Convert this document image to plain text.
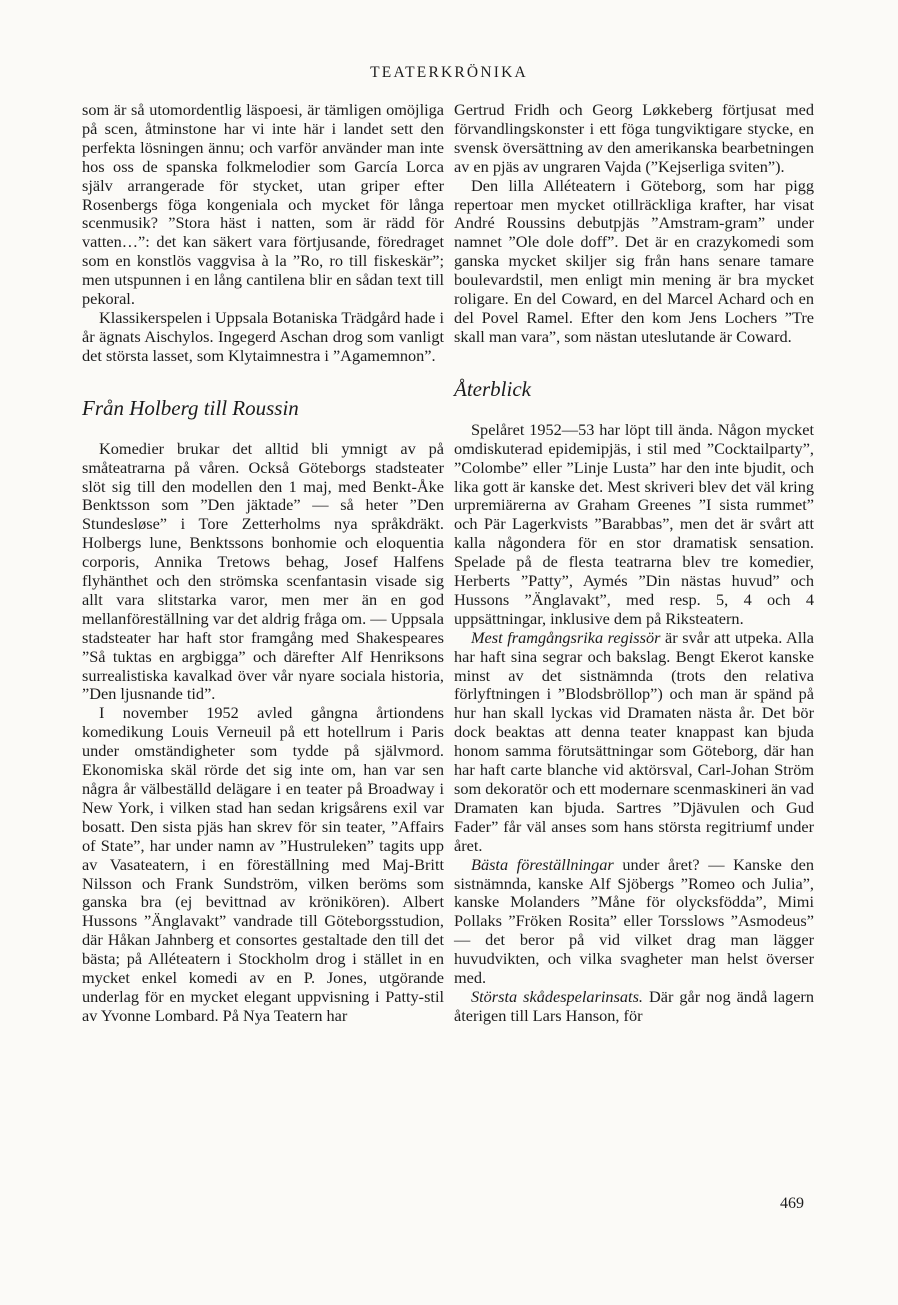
TEATERKRÖNIKA

som är så utomordentlig läspoesi, är tämligen omöjliga på scen, åtminstone har vi inte här i landet sett den perfekta lösningen ännu; och varför använder man inte hos oss de spanska folkmelodier som García Lorca själv arrangerade för stycket, utan griper efter Rosenbergs föga kongeniala och mycket för långa scenmusik? ”Stora häst i natten, som är rädd för vatten…”: det kan säkert vara förtjusande, föredraget som en konstlös vaggvisa à la ”Ro, ro till fiskeskär”; men utspunnen i en lång cantilena blir en sådan text till pekoral.

Klassikerspelen i Uppsala Botaniska Trädgård hade i år ägnats Aischylos. Ingegerd Aschan drog som vanligt det största lasset, som Klytaimnestra i ”Agamemnon”.

Från Holberg till Roussin

Komedier brukar det alltid bli ymnigt av på småteatrarna på våren. Också Göteborgs stadsteater slöt sig till den modellen den 1 maj, med Benkt-Åke Benktsson som ”Den jäktade” — så heter ”Den Stundesløse” i Tore Zetterholms nya språkdräkt. Holbergs lune, Benktssons bonhomie och eloquentia corporis, Annika Tretows behag, Josef Halfens flyhänthet och den strömska scenfantasin visade sig allt vara slitstarka varor, men mer än en god mellanföreställning var det aldrig fråga om. — Uppsala stadsteater har haft stor framgång med Shakespeares ”Så tuktas en argbigga” och därefter Alf Henriksons surrealistiska kavalkad över vår nyare sociala historia, ”Den ljusnande tid”.

I november 1952 avled gångna årtiondens komedikung Louis Verneuil på ett hotellrum i Paris under omständigheter som tydde på självmord. Ekonomiska skäl rörde det sig inte om, han var sen några år välbeställd delägare i en teater på Broadway i New York, i vilken stad han sedan krigsårens exil var bosatt. Den sista pjäs han skrev för sin teater, ”Affairs of State”, har under namn av ”Hustruleken” tagits upp av Vasateatern, i en föreställning med Maj-Britt Nilsson och Frank Sundström, vilken beröms som ganska bra (ej bevittnad av krönikören). Albert Hussons ”Änglavakt” vandrade till Göteborgsstudion, där Håkan Jahnberg et consortes gestaltade den till det bästa; på Alléteatern i Stockholm drog i stället in en mycket enkel komedi av en P. Jones, utgörande underlag för en mycket elegant uppvisning i Patty-stil av Yvonne Lombard. På Nya Teatern har

Gertrud Fridh och Georg Løkkeberg förtjusat med förvandlingskonster i ett föga tungviktigare stycke, en svensk översättning av den amerikanska bearbetningen av en pjäs av ungraren Vajda (”Kejserliga sviten”).

Den lilla Alléteatern i Göteborg, som har pigg repertoar men mycket otillräckliga krafter, har visat André Roussins debutpjäs ”Amstram-gram” under namnet ”Ole dole doff”. Det är en crazykomedi som ganska mycket skiljer sig från hans senare tamare boulevardstil, men enligt min mening är bra mycket roligare. En del Coward, en del Marcel Achard och en del Povel Ramel. Efter den kom Jens Lochers ”Tre skall man vara”, som nästan uteslutande är Coward.

Återblick

Spelåret 1952—53 har löpt till ända. Någon mycket omdiskuterad epidemipjäs, i stil med ”Cocktailparty”, ”Colombe” eller ”Linje Lusta” har den inte bjudit, och lika gott är kanske det. Mest skriveri blev det väl kring urpremiärerna av Graham Greenes ”I sista rummet” och Pär Lagerkvists ”Barabbas”, men det är svårt att kalla någondera för en stor dramatisk sensation. Spelade på de flesta teatrarna blev tre komedier, Herberts ”Patty”, Aymés ”Din nästas huvud” och Hussons ”Änglavakt”, med resp. 5, 4 och 4 uppsättningar, inklusive dem på Riksteatern.

Mest framgångsrika regissör är svår att utpeka. Alla har haft sina segrar och bakslag. Bengt Ekerot kanske minst av det sistnämnda (trots den relativa förlyftningen i ”Blodsbröllop”) och man är spänd på hur han skall lyckas vid Dramaten nästa år. Det bör dock beaktas att denna teater knappast kan bjuda honom samma förutsättningar som Göteborg, där han har haft carte blanche vid aktörsval, Carl-Johan Ström som dekoratör och ett modernare scenmaskineri än vad Dramaten kan bjuda. Sartres ”Djävulen och Gud Fader” får väl anses som hans största regitriumf under året.

Bästa föreställningar under året? — Kanske den sistnämnda, kanske Alf Sjöbergs ”Romeo och Julia”, kanske Molanders ”Måne för olycksfödda”, Mimi Pollaks ”Fröken Rosita” eller Torsslows ”Asmodeus” — det beror på vid vilket drag man lägger huvudvikten, och vilka svagheter man helst överser med.

Största skådespelarinsats. Där går nog ändå lagern återigen till Lars Hanson, för

469
